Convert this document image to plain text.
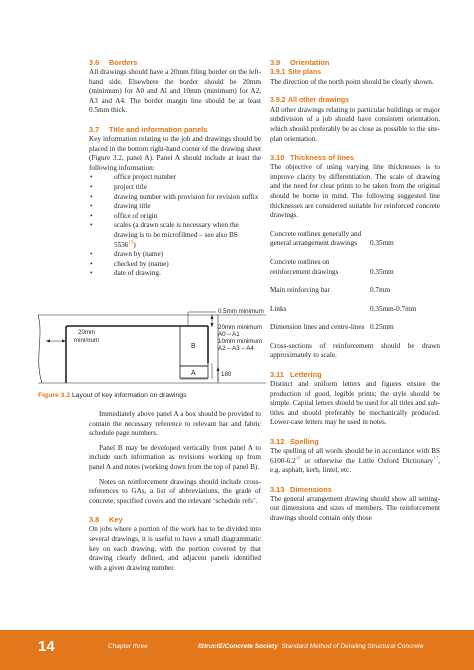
3.6 Borders

All drawings should have a 20mm filing border on the left-hand side. Elsewhere the border should be 20mm (minimum) for A0 and Al and 10mm (minimum) for A2, A3 and A4. The border margin line should be at least 0.5mm thick.

3.7 Title and information panels

Key information relating to the job and drawings should be placed in the bottom right-hand corner of the drawing sheet (Figure 3.2, panel A). Panel A should include at least the following information:

• office project number
• project title
• drawing number with provision for revision suffix
• drawing title
• office of origin
• scales (a drawn scale is necessary when the drawing is to be microfilmed – see also BS 5536$^{10}$)
• drawn by (name)
• checked by (name)
• date of drawing.
0.5mm minimum
20mm
minimum
20mm minimum
A0 – A1
10mm minimum
A2 – A3 – A4
B
A	180
Figure 3.2 Layout of key information on drawings

Immediately above panel A a box should be provided to contain the necessary reference to relevant bar and fabric schedule page numbers.

Panel B may be developed vertically from panel A to include such information as revisions working up from panel A and notes (working down from the top of panel B).

Notes on reinforcement drawings should include cross-references to GAs, a list of abbreviations, the grade of concrete, specified covers and the relevant ‘schedule refs’.

3.8 Key

On jobs where a portion of the work has to be divided into several drawings, it is useful to have a small diagrammatic key on each drawing, with the portion covered by that drawing clearly defined, and adjacent panels identified with a given drawing number.

3.9 Orientation
3.9.1 Site plans

The direction of the north point should be clearly shown.

3.9.2 All other drawings

All other drawings relating to particular buildings or major subdivision of a job should have consistent orientation, which should preferably be as close as possible to the site-plan orientation.

3.10 Thickness of lines

The objective of using varying line thicknesses is to improve clarity by differentiation. The scale of drawing and the need for clear prints to be taken from the original should be borne in mind. The following suggested line thicknesses are considered suitable for reinforced concrete drawings.

Concrete outlines generally and general arrangement drawings	0.35mm
Concrete outlines on reinforcement drawings	0.35mm
Main reinforcing bar	0.7mm
Links	0.35mm-0.7mm
Dimension lines and centre-lines 0.25mm

Cross-sections of reinforcement should be drawn approximately to scale.

3.11 Lettering

Distinct and uniform letters and figures ensure the production of good, legible prints; the style should be simple. Capital letters should be used for all titles and sub-titles and should preferably be mechanically produced. Lower-case letters may be used in notes.

3.12 Spelling

The spelling of all words should be in accordance with BS 6100-6.2$^{16}$ or otherwise the Little Oxford Dictionary$^{17}$, e.g. asphalt, kerb, lintel, etc.

3.13 Dimensions

The general arrangement drawing should show all setting-out dimensions and sizes of members. The reinforcement drawings should contain only those

14	Chapter three	IStructE/Concrete Society Standard Method of Detailing Structural Concrete
